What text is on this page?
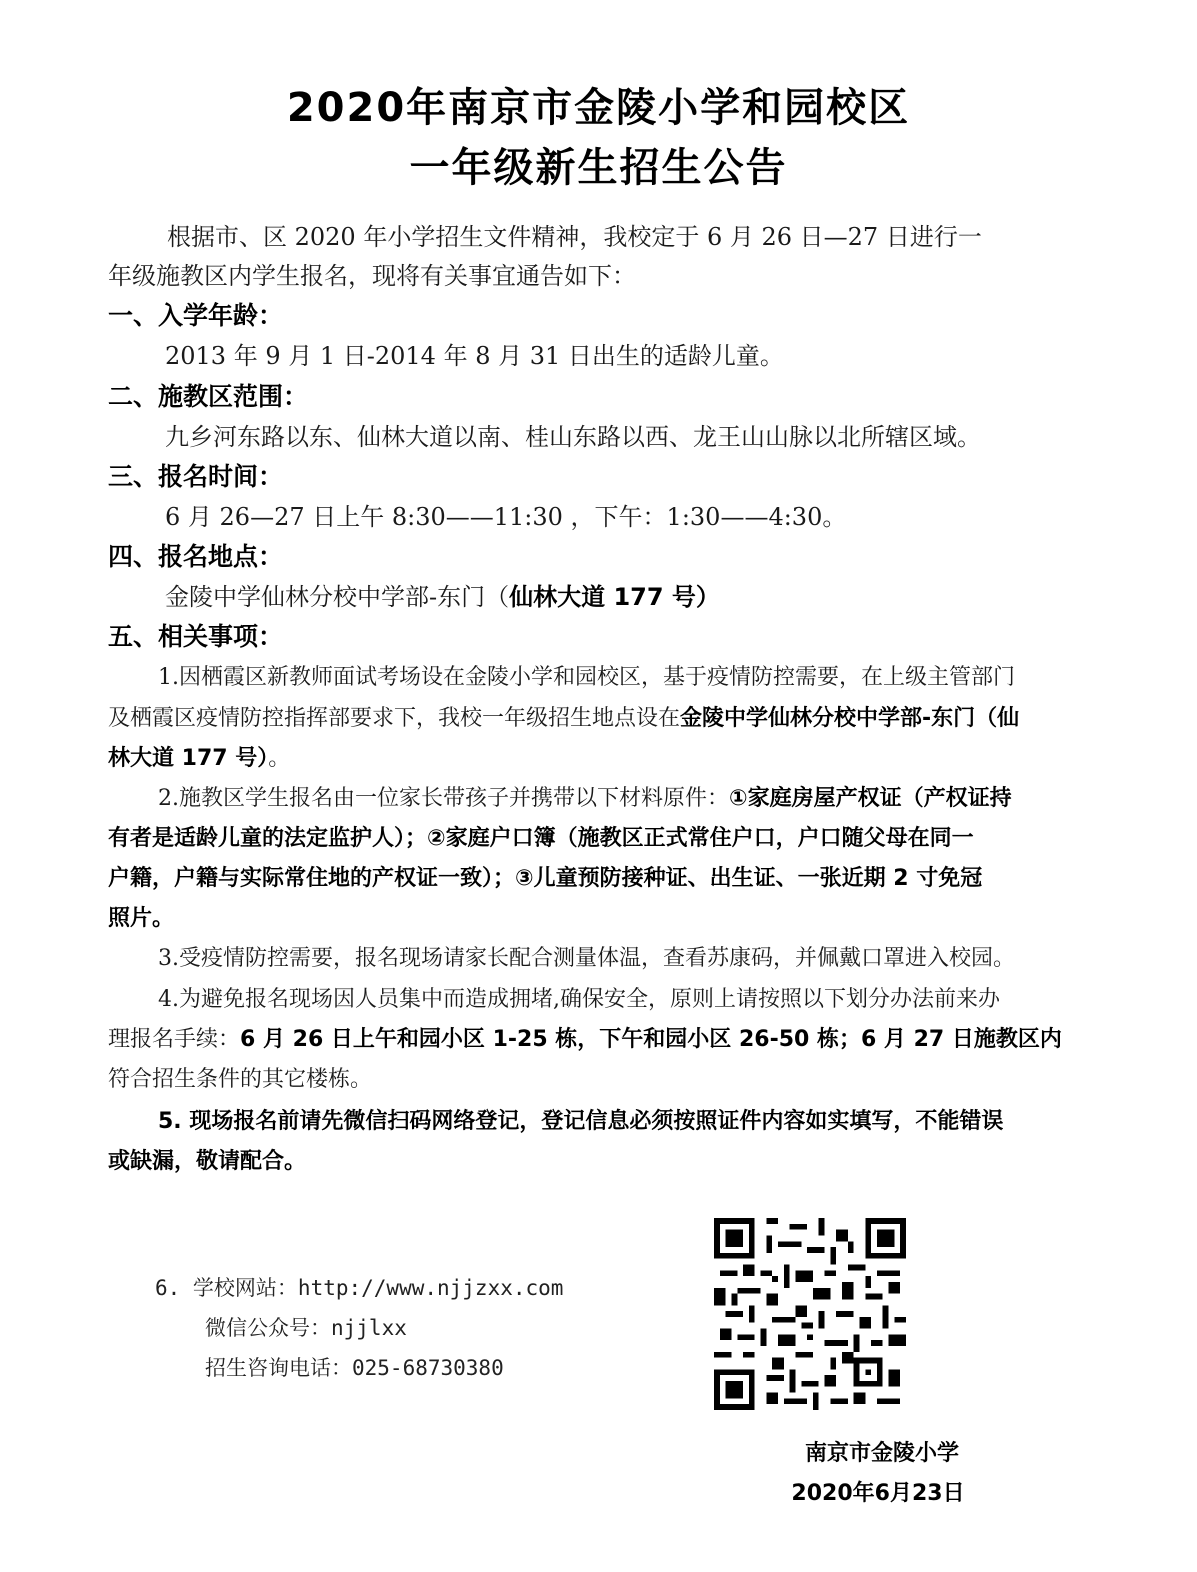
2020年南京市金陵小学和园校区
一年级新生招生公告
根据市、区 2020 年小学招生文件精神，我校定于 6 月 26 日—27 日进行一
年级施教区内学生报名，现将有关事宜通告如下：
一、入学年龄：
2013 年 9 月 1 日-2014 年 8 月 31 日出生的适龄儿童。
二、施教区范围：
九乡河东路以东、仙林大道以南、桂山东路以西、龙王山山脉以北所辖区域。
三、报名时间：
6 月 26—27 日上午 8:30——11:30 ，下午：1:30——4:30。
四、报名地点：
金陵中学仙林分校中学部-东门（仙林大道 177 号）
五、相关事项：
1.因栖霞区新教师面试考场设在金陵小学和园校区，基于疫情防控需要，在上级主管部门
及栖霞区疫情防控指挥部要求下，我校一年级招生地点设在金陵中学仙林分校中学部-东门（仙
林大道 177 号）。
2.施教区学生报名由一位家长带孩子并携带以下材料原件：①家庭房屋产权证（产权证持
有者是适龄儿童的法定监护人）；②家庭户口簿（施教区正式常住户口，户口随父母在同一
户籍，户籍与实际常住地的产权证一致）；③儿童预防接种证、出生证、一张近期 2 寸免冠
照片。
3.受疫情防控需要，报名现场请家长配合测量体温，查看苏康码，并佩戴口罩进入校园。
4.为避免报名现场因人员集中而造成拥堵,确保安全，原则上请按照以下划分办法前来办
理报名手续：6 月 26 日上午和园小区 1-25 栋，下午和园小区 26-50 栋；6 月 27 日施教区内
符合招生条件的其它楼栋。
5. 现场报名前请先微信扫码网络登记，登记信息必须按照证件内容如实填写，不能错误
或缺漏，敬请配合。
6. 学校网站：http://www.njjzxx.com
微信公众号：njjlxx
招生咨询电话：025-68730380
南京市金陵小学
2020年6月23日
